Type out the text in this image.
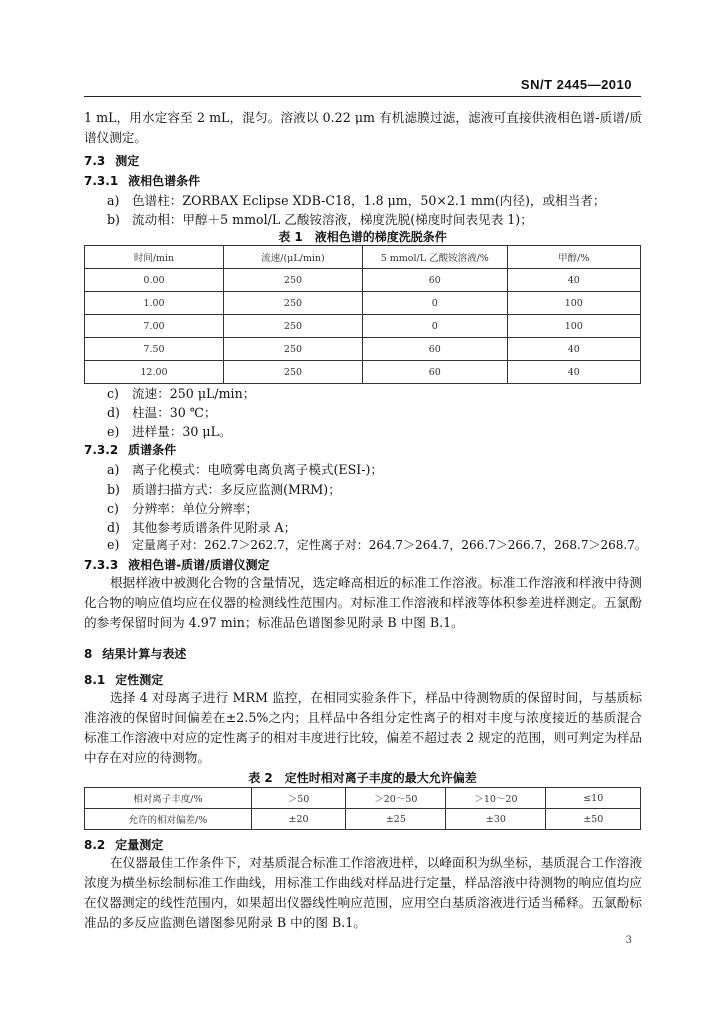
SN/T 2445—2010
1 mL，用水定容至 2 mL，混匀。溶液以 0.22 μm 有机滤膜过滤，滤液可直接供液相色谱-质谱/质谱仪测定。
7.3 测定
7.3.1 液相色谱条件
a) 色谱柱：ZORBAX Eclipse XDB-C18，1.8 μm，50×2.1 mm(内径)，或相当者；
b) 流动相：甲醇＋5 mmol/L 乙酸铵溶液，梯度洗脱(梯度时间表见表 1)；
表 1　液相色谱的梯度洗脱条件
时间/min	流速/(μL/min)	5 mmol/L 乙酸铵溶液/%	甲醇/%
0.00	250	60	40
1.00	250	0	100
7.00	250	0	100
7.50	250	60	40
12.00	250	60	40
c) 流速：250 μL/min；
d) 柱温：30 ℃；
e) 进样量：30 μL。
7.3.2 质谱条件
a) 离子化模式：电喷雾电离负离子模式(ESI-)；
b) 质谱扫描方式：多反应监测(MRM)；
c) 分辨率：单位分辨率；
d) 其他参考质谱条件见附录 A；
e) 定量离子对：262.7＞262.7，定性离子对：264.7＞264.7，266.7＞266.7，268.7＞268.7。
7.3.3 液相色谱-质谱/质谱仪测定
根据样液中被测化合物的含量情况，选定峰高相近的标准工作溶液。标准工作溶液和样液中待测化合物的响应值均应在仪器的检测线性范围内。对标准工作溶液和样液等体积参差进样测定。五氯酚的参考保留时间为 4.97 min；标准品色谱图参见附录 B 中图 B.1。
8 结果计算与表述
8.1 定性测定
选择 4 对母离子进行 MRM 监控，在相同实验条件下，样品中待测物质的保留时间，与基质标准溶液的保留时间偏差在±2.5%之内；且样品中各组分定性离子的相对丰度与浓度接近的基质混合标准工作溶液中对应的定性离子的相对丰度进行比较，偏差不超过表 2 规定的范围，则可判定为样品中存在对应的待测物。
表 2　定性时相对离子丰度的最大允许偏差
相对离子丰度/%	＞50	＞20～50	＞10～20	≤10
允许的相对偏差/%	±20	±25	±30	±50
8.2 定量测定
在仪器最佳工作条件下，对基质混合标准工作溶液进样，以峰面积为纵坐标，基质混合工作溶液浓度为横坐标绘制标准工作曲线，用标准工作曲线对样品进行定量，样品溶液中待测物的响应值均应在仪器测定的线性范围内，如果超出仪器线性响应范围，应用空白基质溶液进行适当稀释。五氯酚标准品的多反应监测色谱图参见附录 B 中的图 B.1。
3
